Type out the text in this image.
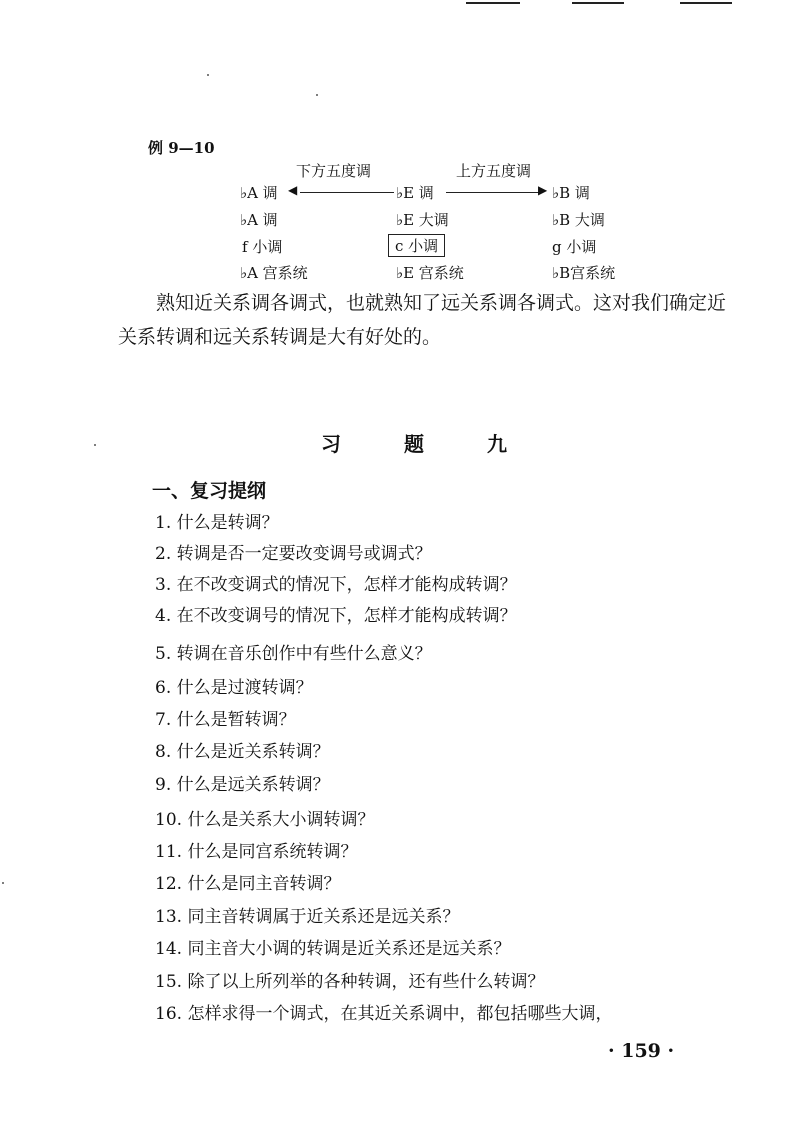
例 9—10
下方五度调	上方五度调
♭A 调 ◀	♭E 调	▶ ♭B 调
♭A 调	♭E 大调	♭B 大调
f 小调	c 小调	g 小调
♭A 宫系统	♭E 宫系统	♭B宫系统
熟知近关系调各调式，也就熟知了远关系调各调式。这对我们确定近关系转调和远关系转调是大有好处的。
习 题 九
一、复习提纲
1. 什么是转调？
2. 转调是否一定要改变调号或调式？
3. 在不改变调式的情况下，怎样才能构成转调？
4. 在不改变调号的情况下，怎样才能构成转调？
5. 转调在音乐创作中有些什么意义？
6. 什么是过渡转调？
7. 什么是暂转调？
8. 什么是近关系转调？
9. 什么是远关系转调？
10. 什么是关系大小调转调？
11. 什么是同宫系统转调？
12. 什么是同主音转调？
13. 同主音转调属于近关系还是远关系？
14. 同主音大小调的转调是近关系还是远关系？
15. 除了以上所列举的各种转调，还有些什么转调？
16. 怎样求得一个调式，在其近关系调中，都包括哪些大调，
· 159 ·
